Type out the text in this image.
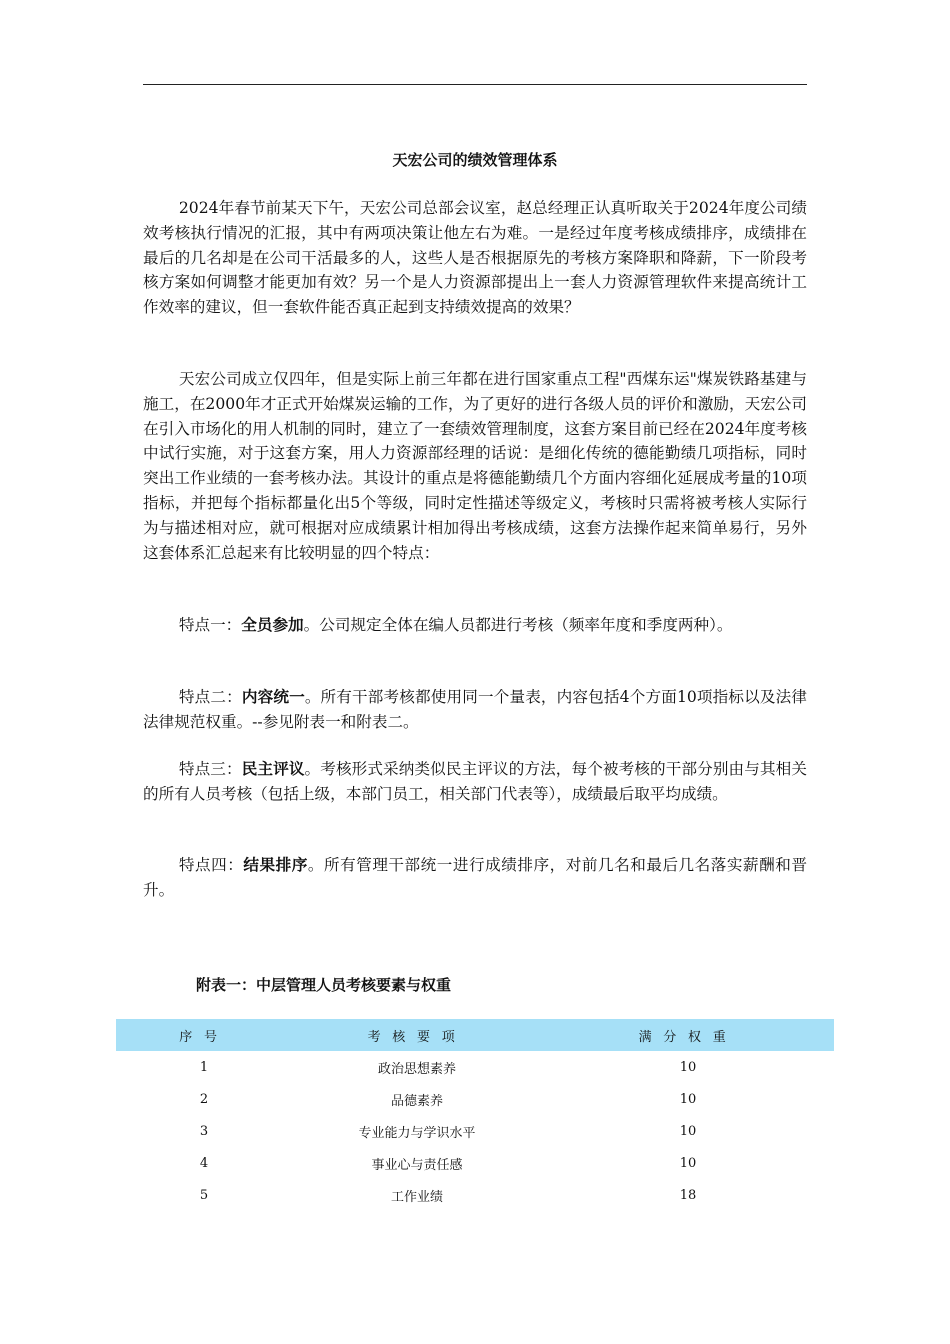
天宏公司的绩效管理体系

2024年春节前某天下午，天宏公司总部会议室，赵总经理正认真听取关于2024年度公司绩效考核执行情况的汇报，其中有两项决策让他左右为难。一是经过年度考核成绩排序，成绩排在最后的几名却是在公司干活最多的人，这些人是否根据原先的考核方案降职和降薪，下一阶段考核方案如何调整才能更加有效？另一个是人力资源部提出上一套人力资源管理软件来提高统计工作效率的建议，但一套软件能否真正起到支持绩效提高的效果？

天宏公司成立仅四年，但是实际上前三年都在进行国家重点工程"西煤东运"煤炭铁路基建与施工，在2000年才正式开始煤炭运输的工作，为了更好的进行各级人员的评价和激励，天宏公司在引入市场化的用人机制的同时，建立了一套绩效管理制度，这套方案目前已经在2024年度考核中试行实施，对于这套方案，用人力资源部经理的话说：是细化传统的德能勤绩几项指标，同时突出工作业绩的一套考核办法。其设计的重点是将德能勤绩几个方面内容细化延展成考量的10项指标，并把每个指标都量化出5个等级，同时定性描述等级定义，考核时只需将被考核人实际行为与描述相对应，就可根据对应成绩累计相加得出考核成绩，这套方法操作起来简单易行，另外这套体系汇总起来有比较明显的四个特点：

特点一：全员参加。公司规定全体在编人员都进行考核（频率年度和季度两种）。

特点二：内容统一。所有干部考核都使用同一个量表，内容包括4个方面10项指标以及法律法律规范权重。--参见附表一和附表二。

特点三：民主评议。考核形式采纳类似民主评议的方法，每个被考核的干部分别由与其相关的所有人员考核（包括上级，本部门员工，相关部门代表等），成绩最后取平均成绩。

特点四：结果排序。所有管理干部统一进行成绩排序，对前几名和最后几名落实薪酬和晋升。

附表一：中层管理人员考核要素与权重
序号	考核要项	满分权重
1	政治思想素养	10
2	品德素养	10
3	专业能力与学识水平	10
4	事业心与责任感	10
5	工作业绩	18
